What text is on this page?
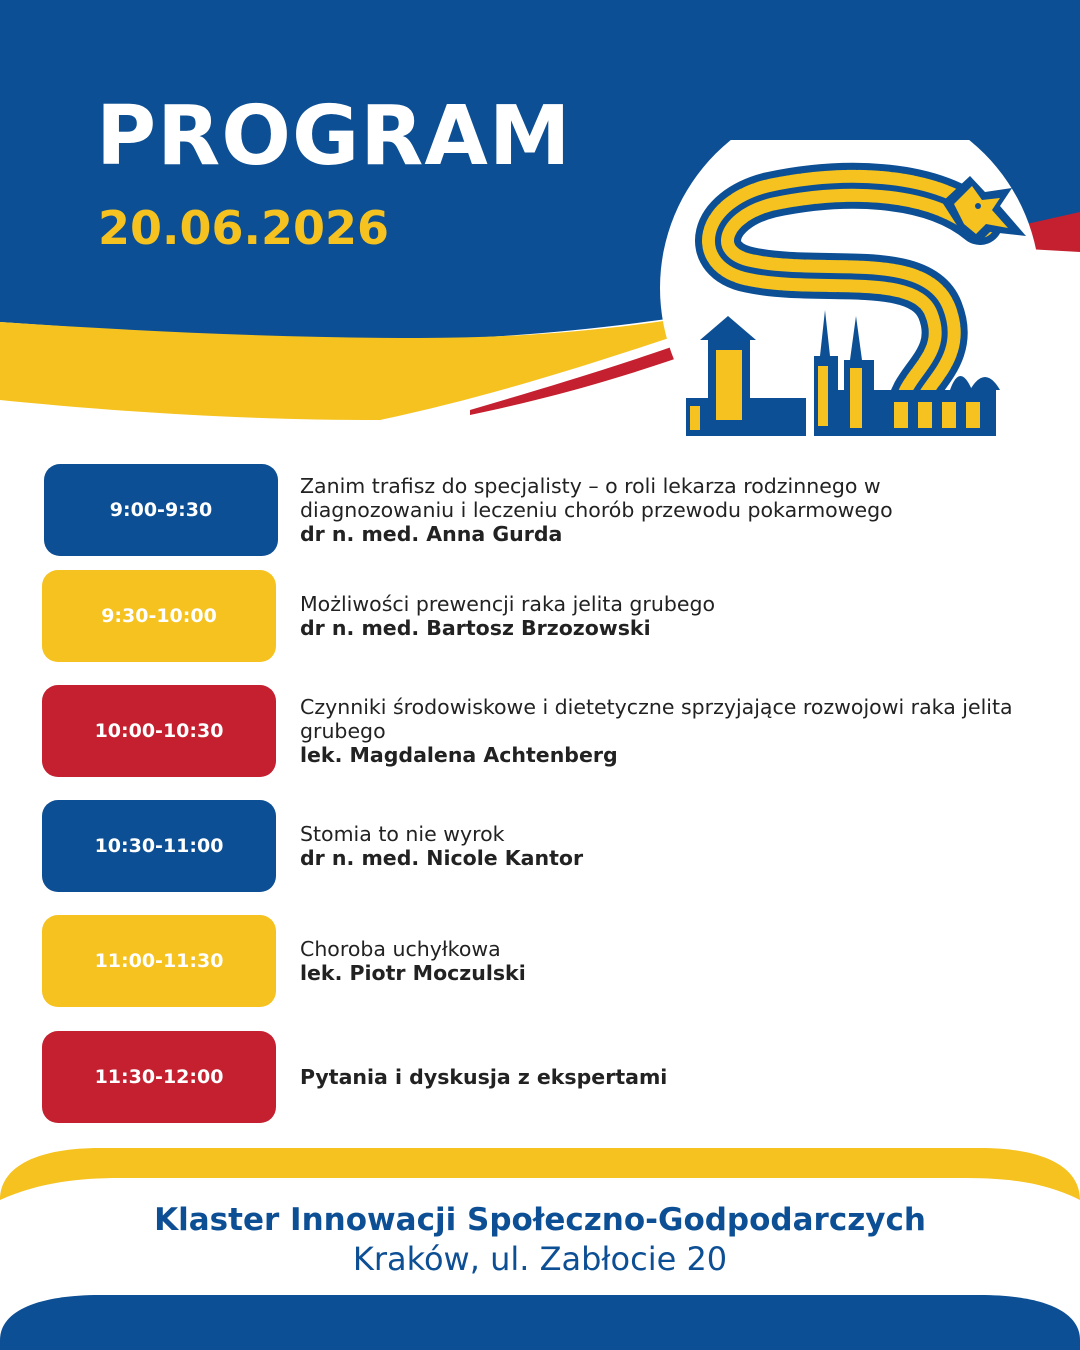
PROGRAM
20.06.2026
9:00-9:30
Zanim trafisz do specjalisty – o roli lekarza rodzinnego w diagnozowaniu i leczeniu chorób przewodu pokarmowego
dr n. med. Anna Gurda
9:30-10:00
Możliwości prewencji raka jelita grubego
dr n. med. Bartosz Brzozowski
10:00-10:30
Czynniki środowiskowe i dietetyczne sprzyjające rozwojowi raka jelita grubego
lek. Magdalena Achtenberg
10:30-11:00
Stomia to nie wyrok
dr n. med. Nicole Kantor
11:00-11:30
Choroba uchyłkowa
lek. Piotr Moczulski
11:30-12:00	Pytania i dyskusja z ekspertami
Klaster Innowacji Społeczno-Godpodarczych
Kraków, ul. Zabłocie 20
